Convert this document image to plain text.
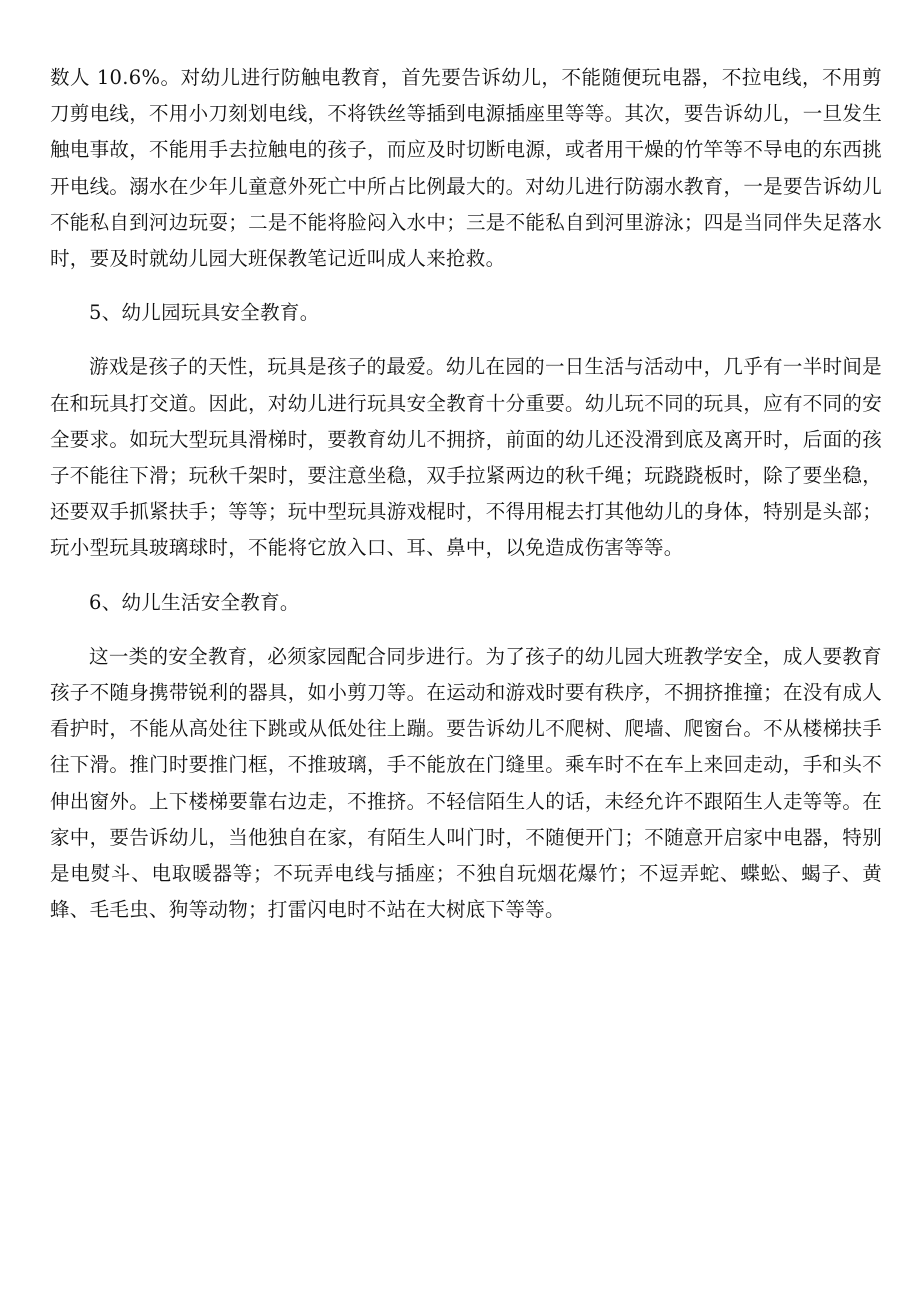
数人 10.6%。对幼儿进行防触电教育，首先要告诉幼儿，不能随便玩电器，不拉电线，不用剪刀剪电线，不用小刀刻划电线，不将铁丝等插到电源插座里等等。其次，要告诉幼儿，一旦发生触电事故，不能用手去拉触电的孩子，而应及时切断电源，或者用干燥的竹竿等不导电的东西挑开电线。溺水在少年儿童意外死亡中所占比例最大的。对幼儿进行防溺水教育，一是要告诉幼儿不能私自到河边玩耍；二是不能将脸闷入水中；三是不能私自到河里游泳；四是当同伴失足落水时，要及时就幼儿园大班保教笔记近叫成人来抢救。

5、幼儿园玩具安全教育。

游戏是孩子的天性，玩具是孩子的最爱。幼儿在园的一日生活与活动中，几乎有一半时间是在和玩具打交道。因此，对幼儿进行玩具安全教育十分重要。幼儿玩不同的玩具，应有不同的安全要求。如玩大型玩具滑梯时，要教育幼儿不拥挤，前面的幼儿还没滑到底及离开时，后面的孩子不能往下滑；玩秋千架时，要注意坐稳，双手拉紧两边的秋千绳；玩跷跷板时，除了要坐稳，还要双手抓紧扶手；等等；玩中型玩具游戏棍时，不得用棍去打其他幼儿的身体，特别是头部；玩小型玩具玻璃球时，不能将它放入口、耳、鼻中，以免造成伤害等等。

6、幼儿生活安全教育。

这一类的安全教育，必须家园配合同步进行。为了孩子的幼儿园大班教学安全，成人要教育孩子不随身携带锐利的器具，如小剪刀等。在运动和游戏时要有秩序，不拥挤推撞；在没有成人看护时，不能从高处往下跳或从低处往上蹦。要告诉幼儿不爬树、爬墙、爬窗台。不从楼梯扶手往下滑。推门时要推门框，不推玻璃，手不能放在门缝里。乘车时不在车上来回走动，手和头不伸出窗外。上下楼梯要靠右边走，不推挤。不轻信陌生人的话，未经允许不跟陌生人走等等。在家中，要告诉幼儿，当他独自在家，有陌生人叫门时，不随便开门；不随意开启家中电器，特别是电熨斗、电取暖器等；不玩弄电线与插座；不独自玩烟花爆竹；不逗弄蛇、蝶蚣、蝎子、黄蜂、毛毛虫、狗等动物；打雷闪电时不站在大树底下等等。
